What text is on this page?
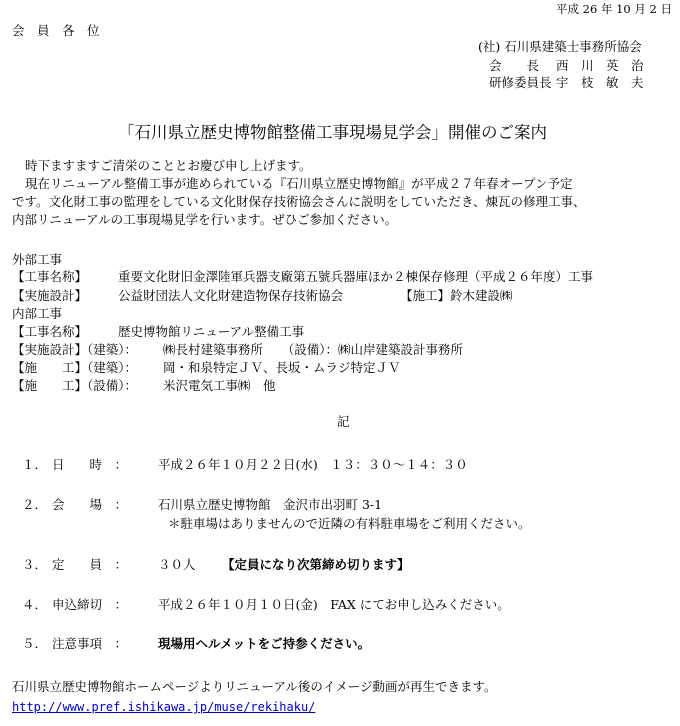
平成 26 年 10 月 2 日
会　員　各　位
(社) 石川県建築士事務所協会
会　　長 西　川　英　治
研修委員長 宇　枝　敏　夫
「石川県立歴史博物館整備工事現場見学会」開催のご案内
時下ますますご清栄のこととお慶び申し上げます。
現在リニューアル整備工事が進められている『石川県立歴史博物館』が平成２７年春オープン予定
です。文化財工事の監理をしている文化財保存技術協会さんに説明をしていただき、煉瓦の修理工事、
内部リニューアルの工事現場見学を行います。ぜひご参加ください。
外部工事
【工事名称】 重要文化財旧金澤陸軍兵器支廠第五號兵器庫ほか２棟保存修理（平成２６年度）工事
【実施設計】 公益財団法人文化財建造物保存技術協会	【施工】鈴木建設㈱
内部工事
【工事名称】 歴史博物館リニューアル整備工事
【実施設計】（建築）： ㈱長村建築事務所　　（設備）：㈱山岸建築設計事務所
【施　　工】（建築）： 岡・和泉特定ＪＶ、長坂・ムラジ特定ＪＶ
【施　　工】（設備）： 米沢電気工事㈱　他
記
１． 日　　時　： 平成２６年１０月２２日(水)　１３：３０〜１４：３０
２． 会　　場　： 石川県立歴史博物館　金沢市出羽町 3-1
＊駐車場はありませんので近隣の有料駐車場をご利用ください。
３． 定　　員　： ３０人 【定員になり次第締め切ります】
４． 申込締切　： 平成２６年１０月１０日(金)　FAX にてお申し込みください。
５． 注意事項　： 現場用ヘルメットをご持参ください。
石川県立歴史博物館ホームページよりリニューアル後のイメージ動画が再生できます。
http://www.pref.ishikawa.jp/muse/rekihaku/
